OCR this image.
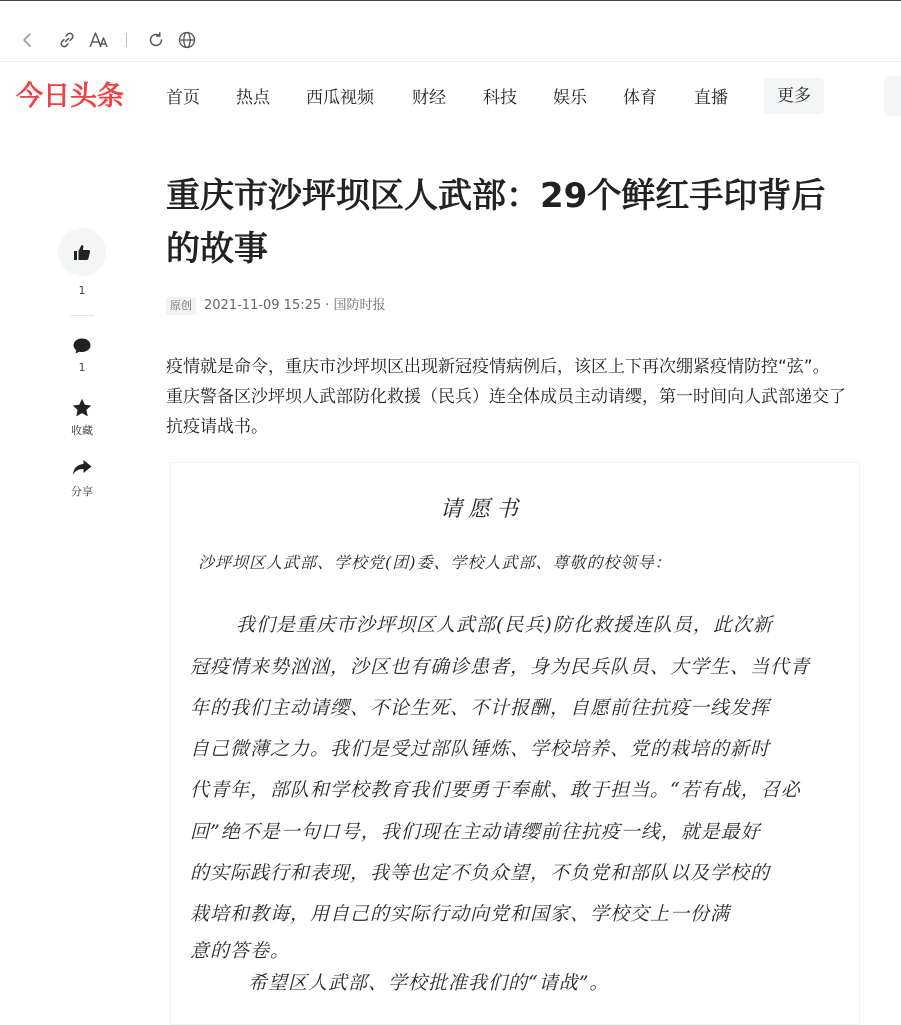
今日头条 首页 热点 西瓜视频 财经 科技 娱乐 体育 直播	更多
1
1
收藏
分享
重庆市沙坪坝区人武部：29个鲜红手印背后的故事
原创 2021-11-09 15:25 · 国防时报

疫情就是命令，重庆市沙坪坝区出现新冠疫情病例后，该区上下再次绷紧疫情防控“弦”。重庆警备区沙坪坝人武部防化救援（民兵）连全体成员主动请缨，第一时间向人武部递交了抗疫请战书。

请愿书
沙坪坝区人武部、学校党(团)委、学校人武部、尊敬的校领导：
我们是重庆市沙坪坝区人武部(民兵)防化救援连队员，此次新
冠疫情来势汹汹，沙区也有确诊患者，身为民兵队员、大学生、当代青
年的我们主动请缨、不论生死、不计报酬，自愿前往抗疫一线发挥
自己微薄之力。我们是受过部队锤炼、学校培养、党的栽培的新时
代青年，部队和学校教育我们要勇于奉献、敢于担当。“若有战，召必
回”绝不是一句口号，我们现在主动请缨前往抗疫一线，就是最好
的实际践行和表现，我等也定不负众望，不负党和部队以及学校的
栽培和教诲，用自己的实际行动向党和国家、学校交上一份满
意的答卷。
希望区人武部、学校批准我们的“请战”。
